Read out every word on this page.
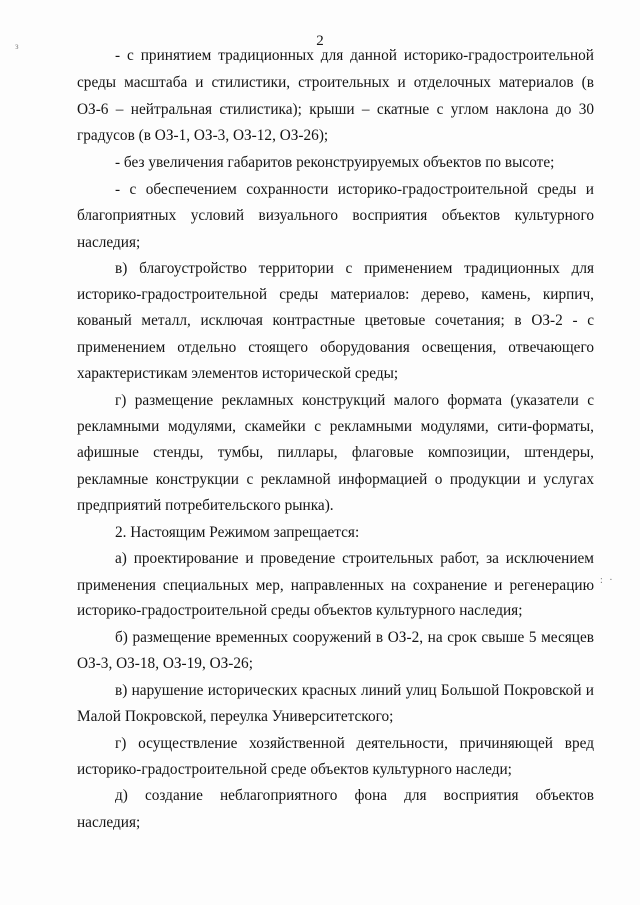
з	2
- с принятием традиционных для данной историко-градостроительной
среды масштаба и стилистики, строительных и отделочных материалов (в
ОЗ-6 – нейтральная стилистика); крыши – скатные с углом наклона до 30
градусов (в ОЗ-1, ОЗ-3, ОЗ-12, ОЗ-26);
- без увеличения габаритов реконструируемых объектов по высоте;
- с обеспечением сохранности историко-градостроительной среды и
благоприятных условий визуального восприятия объектов культурного
наследия;
в) благоустройство территории с применением традиционных для
историко-градостроительной среды материалов: дерево, камень, кирпич,
кованый металл, исключая контрастные цветовые сочетания; в ОЗ-2 - с
применением отдельно стоящего оборудования освещения, отвечающего
характеристикам элементов исторической среды;
г) размещение рекламных конструкций малого формата (указатели с
рекламными модулями, скамейки с рекламными модулями, сити-форматы,
афишные стенды, тумбы, пиллары, флаговые композиции, штендеры,
рекламные конструкции с рекламной информацией о продукции и услугах
предприятий потребительского рынка).
2. Настоящим Режимом запрещается:
а) проектирование и проведение строительных работ, за исключением
применения специальных мер, направленных на сохранение и регенерацию
историко-градостроительной среды объектов культурного наследия;
б) размещение временных сооружений в ОЗ-2, на срок свыше 5 месяцев
ОЗ-3, ОЗ-18, ОЗ-19, ОЗ-26;
в) нарушение исторических красных линий улиц Большой Покровской и
Малой Покровской, переулка Университетского;
г) осуществление хозяйственной деятельности, причиняющей вред
историко-градостроительной среде объектов культурного наследи;
д) создание неблагоприятного фона для восприятия объектов
наследия;
: ·
